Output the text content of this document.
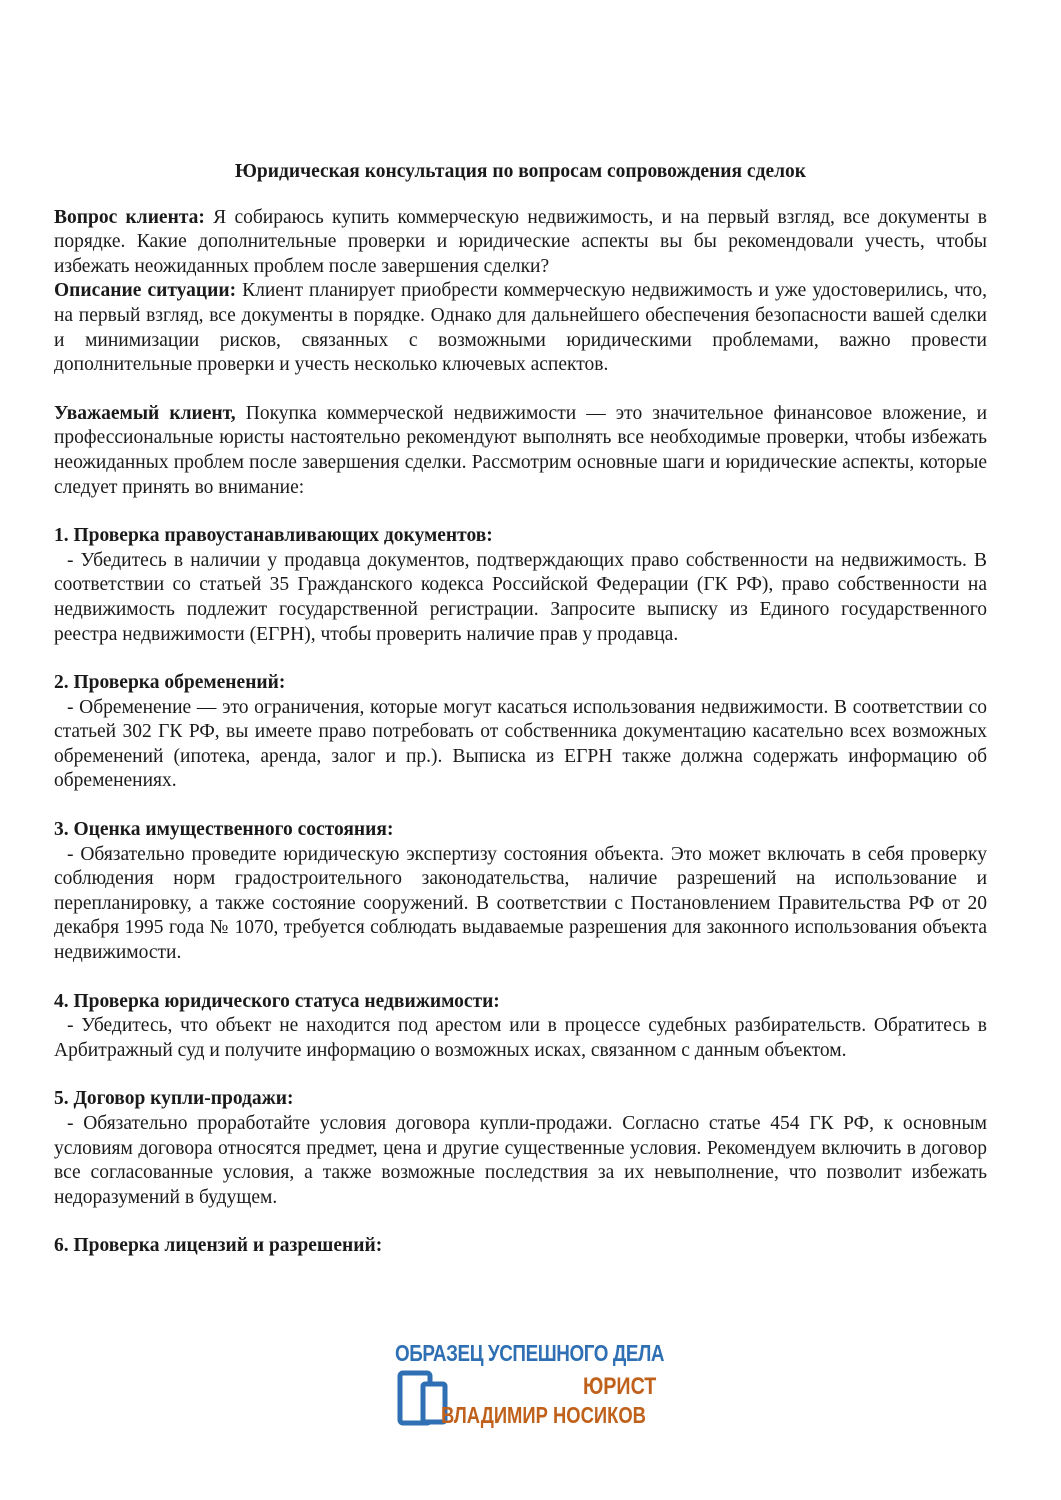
Юридическая консультация по вопросам сопровождения сделок

Вопрос клиента: Я собираюсь купить коммерческую недвижимость, и на первый взгляд, все документы в порядке. Какие дополнительные проверки и юридические аспекты вы бы рекомендовали учесть, чтобы избежать неожиданных проблем после завершения сделки?

Описание ситуации: Клиент планирует приобрести коммерческую недвижимость и уже удостоверились, что, на первый взгляд, все документы в порядке. Однако для дальнейшего обеспечения безопасности вашей сделки и минимизации рисков, связанных с возможными юридическими проблемами, важно провести дополнительные проверки и учесть несколько ключевых аспектов.

Уважаемый клиент, Покупка коммерческой недвижимости — это значительное финансовое вложение, и профессиональные юристы настоятельно рекомендуют выполнять все необходимые проверки, чтобы избежать неожиданных проблем после завершения сделки. Рассмотрим основные шаги и юридические аспекты, которые следует принять во внимание:

1. Проверка правоустанавливающих документов:

- Убедитесь в наличии у продавца документов, подтверждающих право собственности на недвижимость. В соответствии со статьей 35 Гражданского кодекса Российской Федерации (ГК РФ), право собственности на недвижимость подлежит государственной регистрации. Запросите выписку из Единого государственного реестра недвижимости (ЕГРН), чтобы проверить наличие прав у продавца.

2. Проверка обременений:

- Обременение — это ограничения, которые могут касаться использования недвижимости. В соответствии со статьей 302 ГК РФ, вы имеете право потребовать от собственника документацию касательно всех возможных обременений (ипотека, аренда, залог и пр.). Выписка из ЕГРН также должна содержать информацию об обременениях.

3. Оценка имущественного состояния:

- Обязательно проведите юридическую экспертизу состояния объекта. Это может включать в себя проверку соблюдения норм градостроительного законодательства, наличие разрешений на использование и перепланировку, а также состояние сооружений. В соответствии с Постановлением Правительства РФ от 20 декабря 1995 года № 1070, требуется соблюдать выдаваемые разрешения для законного использования объекта недвижимости.

4. Проверка юридического статуса недвижимости:

- Убедитесь, что объект не находится под арестом или в процессе судебных разбирательств. Обратитесь в Арбитражный суд и получите информацию о возможных исках, связанном с данным объектом.

5. Договор купли-продажи:

- Обязательно проработайте условия договора купли-продажи. Согласно статье 454 ГК РФ, к основным условиям договора относятся предмет, цена и другие существенные условия. Рекомендуем включить в договор все согласованные условия, а также возможные последствия за их невыполнение, что позволит избежать недоразумений в будущем.

6. Проверка лицензий и разрешений:

ОБРАЗЕЦ УСПЕШНОГО ДЕЛА
ЮРИСТ
ВЛАДИМИР НОСИКОВ
